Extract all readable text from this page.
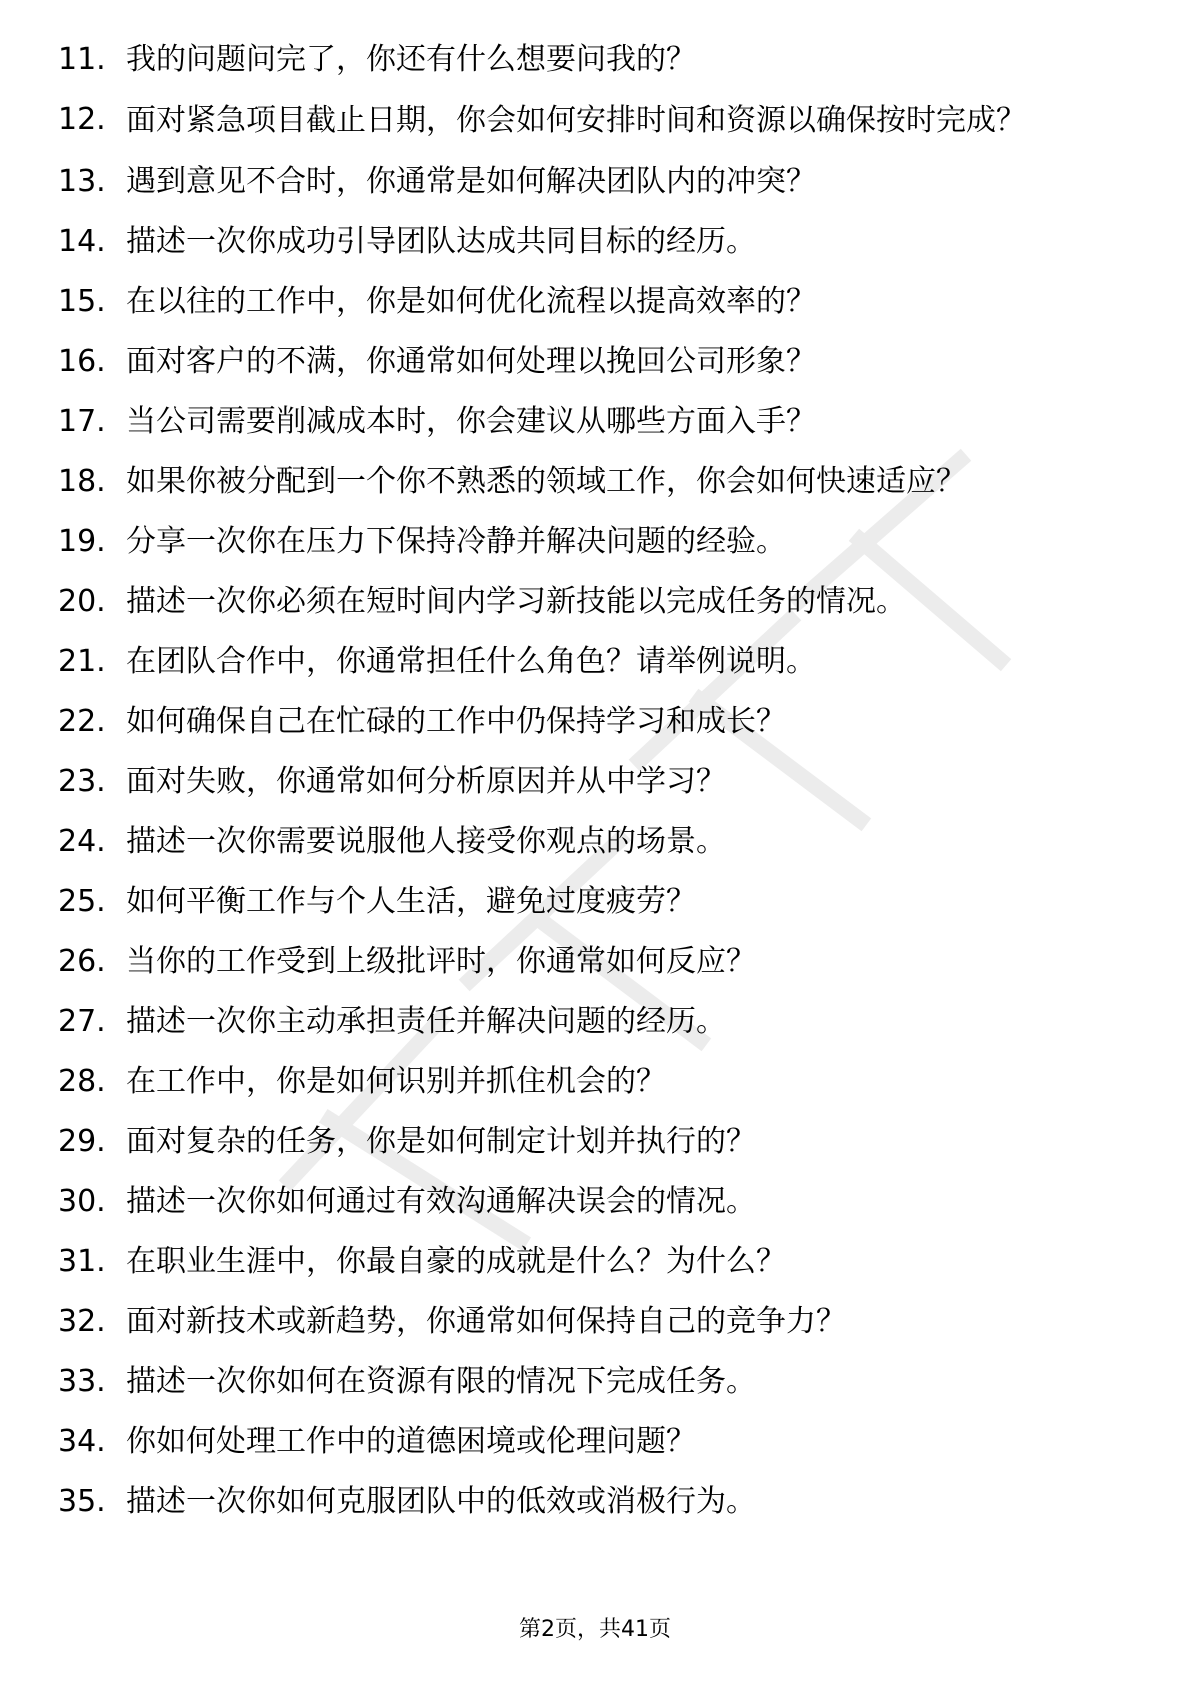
11. 我的问题问完了，你还有什么想要问我的？
12. 面对紧急项目截止日期，你会如何安排时间和资源以确保按时完成？
13. 遇到意见不合时，你通常是如何解决团队内的冲突？
14. 描述一次你成功引导团队达成共同目标的经历。
15. 在以往的工作中，你是如何优化流程以提高效率的？
16. 面对客户的不满，你通常如何处理以挽回公司形象？
17. 当公司需要削减成本时，你会建议从哪些方面入手？
18. 如果你被分配到一个你不熟悉的领域工作，你会如何快速适应？
19. 分享一次你在压力下保持冷静并解决问题的经验。
20. 描述一次你必须在短时间内学习新技能以完成任务的情况。
21. 在团队合作中，你通常担任什么角色？请举例说明。
22. 如何确保自己在忙碌的工作中仍保持学习和成长？
23. 面对失败，你通常如何分析原因并从中学习？
24. 描述一次你需要说服他人接受你观点的场景。
25. 如何平衡工作与个人生活，避免过度疲劳？
26. 当你的工作受到上级批评时，你通常如何反应？
27. 描述一次你主动承担责任并解决问题的经历。
28. 在工作中，你是如何识别并抓住机会的？
29. 面对复杂的任务，你是如何制定计划并执行的？
30. 描述一次你如何通过有效沟通解决误会的情况。
31. 在职业生涯中，你最自豪的成就是什么？为什么？
32. 面对新技术或新趋势，你通常如何保持自己的竞争力？
33. 描述一次你如何在资源有限的情况下完成任务。
34. 你如何处理工作中的道德困境或伦理问题？
35. 描述一次你如何克服团队中的低效或消极行为。
第2页，共41页
